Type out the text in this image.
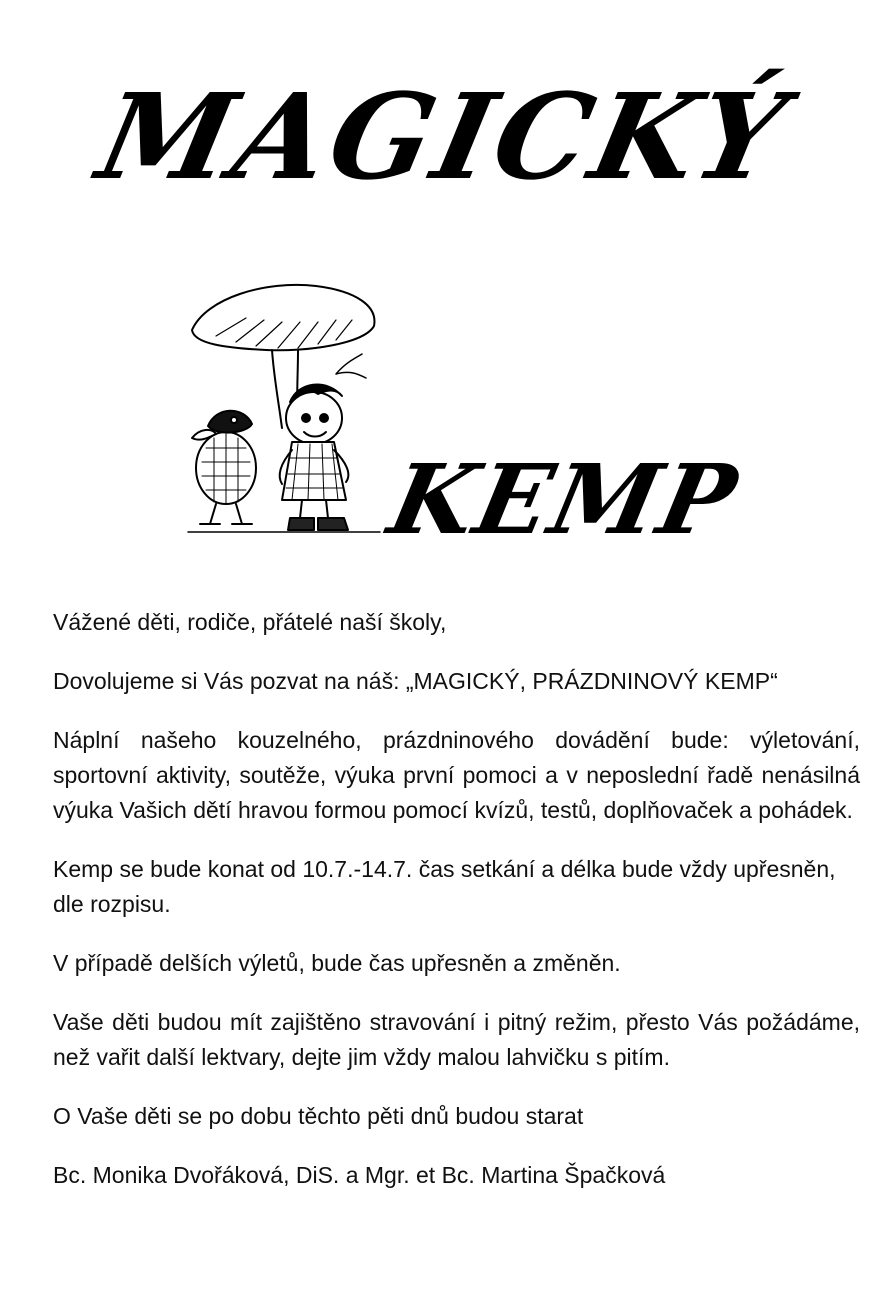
MAGICKÝ
KEMP

Vážené děti, rodiče, přátelé naší školy,

Dovolujeme si Vás pozvat na náš: „MAGICKÝ, PRÁZDNINOVÝ KEMP“

Náplní našeho kouzelného, prázdninového dovádění bude: výletování, sportovní aktivity, soutěže, výuka první pomoci a v neposlední řadě nenásilná výuka Vašich dětí hravou formou pomocí kvízů, testů, doplňovaček a pohádek.

Kemp se bude konat od 10.7.-14.7. čas setkání a délka bude vždy upřesněn, dle rozpisu.

V případě delších výletů, bude čas upřesněn a změněn.

Vaše děti budou mít zajištěno stravování i pitný režim, přesto Vás požádáme, než vařit další lektvary, dejte jim vždy malou lahvičku s pitím.

O Vaše děti se po dobu těchto pěti dnů budou starat

Bc. Monika Dvořáková, DiS. a Mgr. et Bc. Martina Špačková
